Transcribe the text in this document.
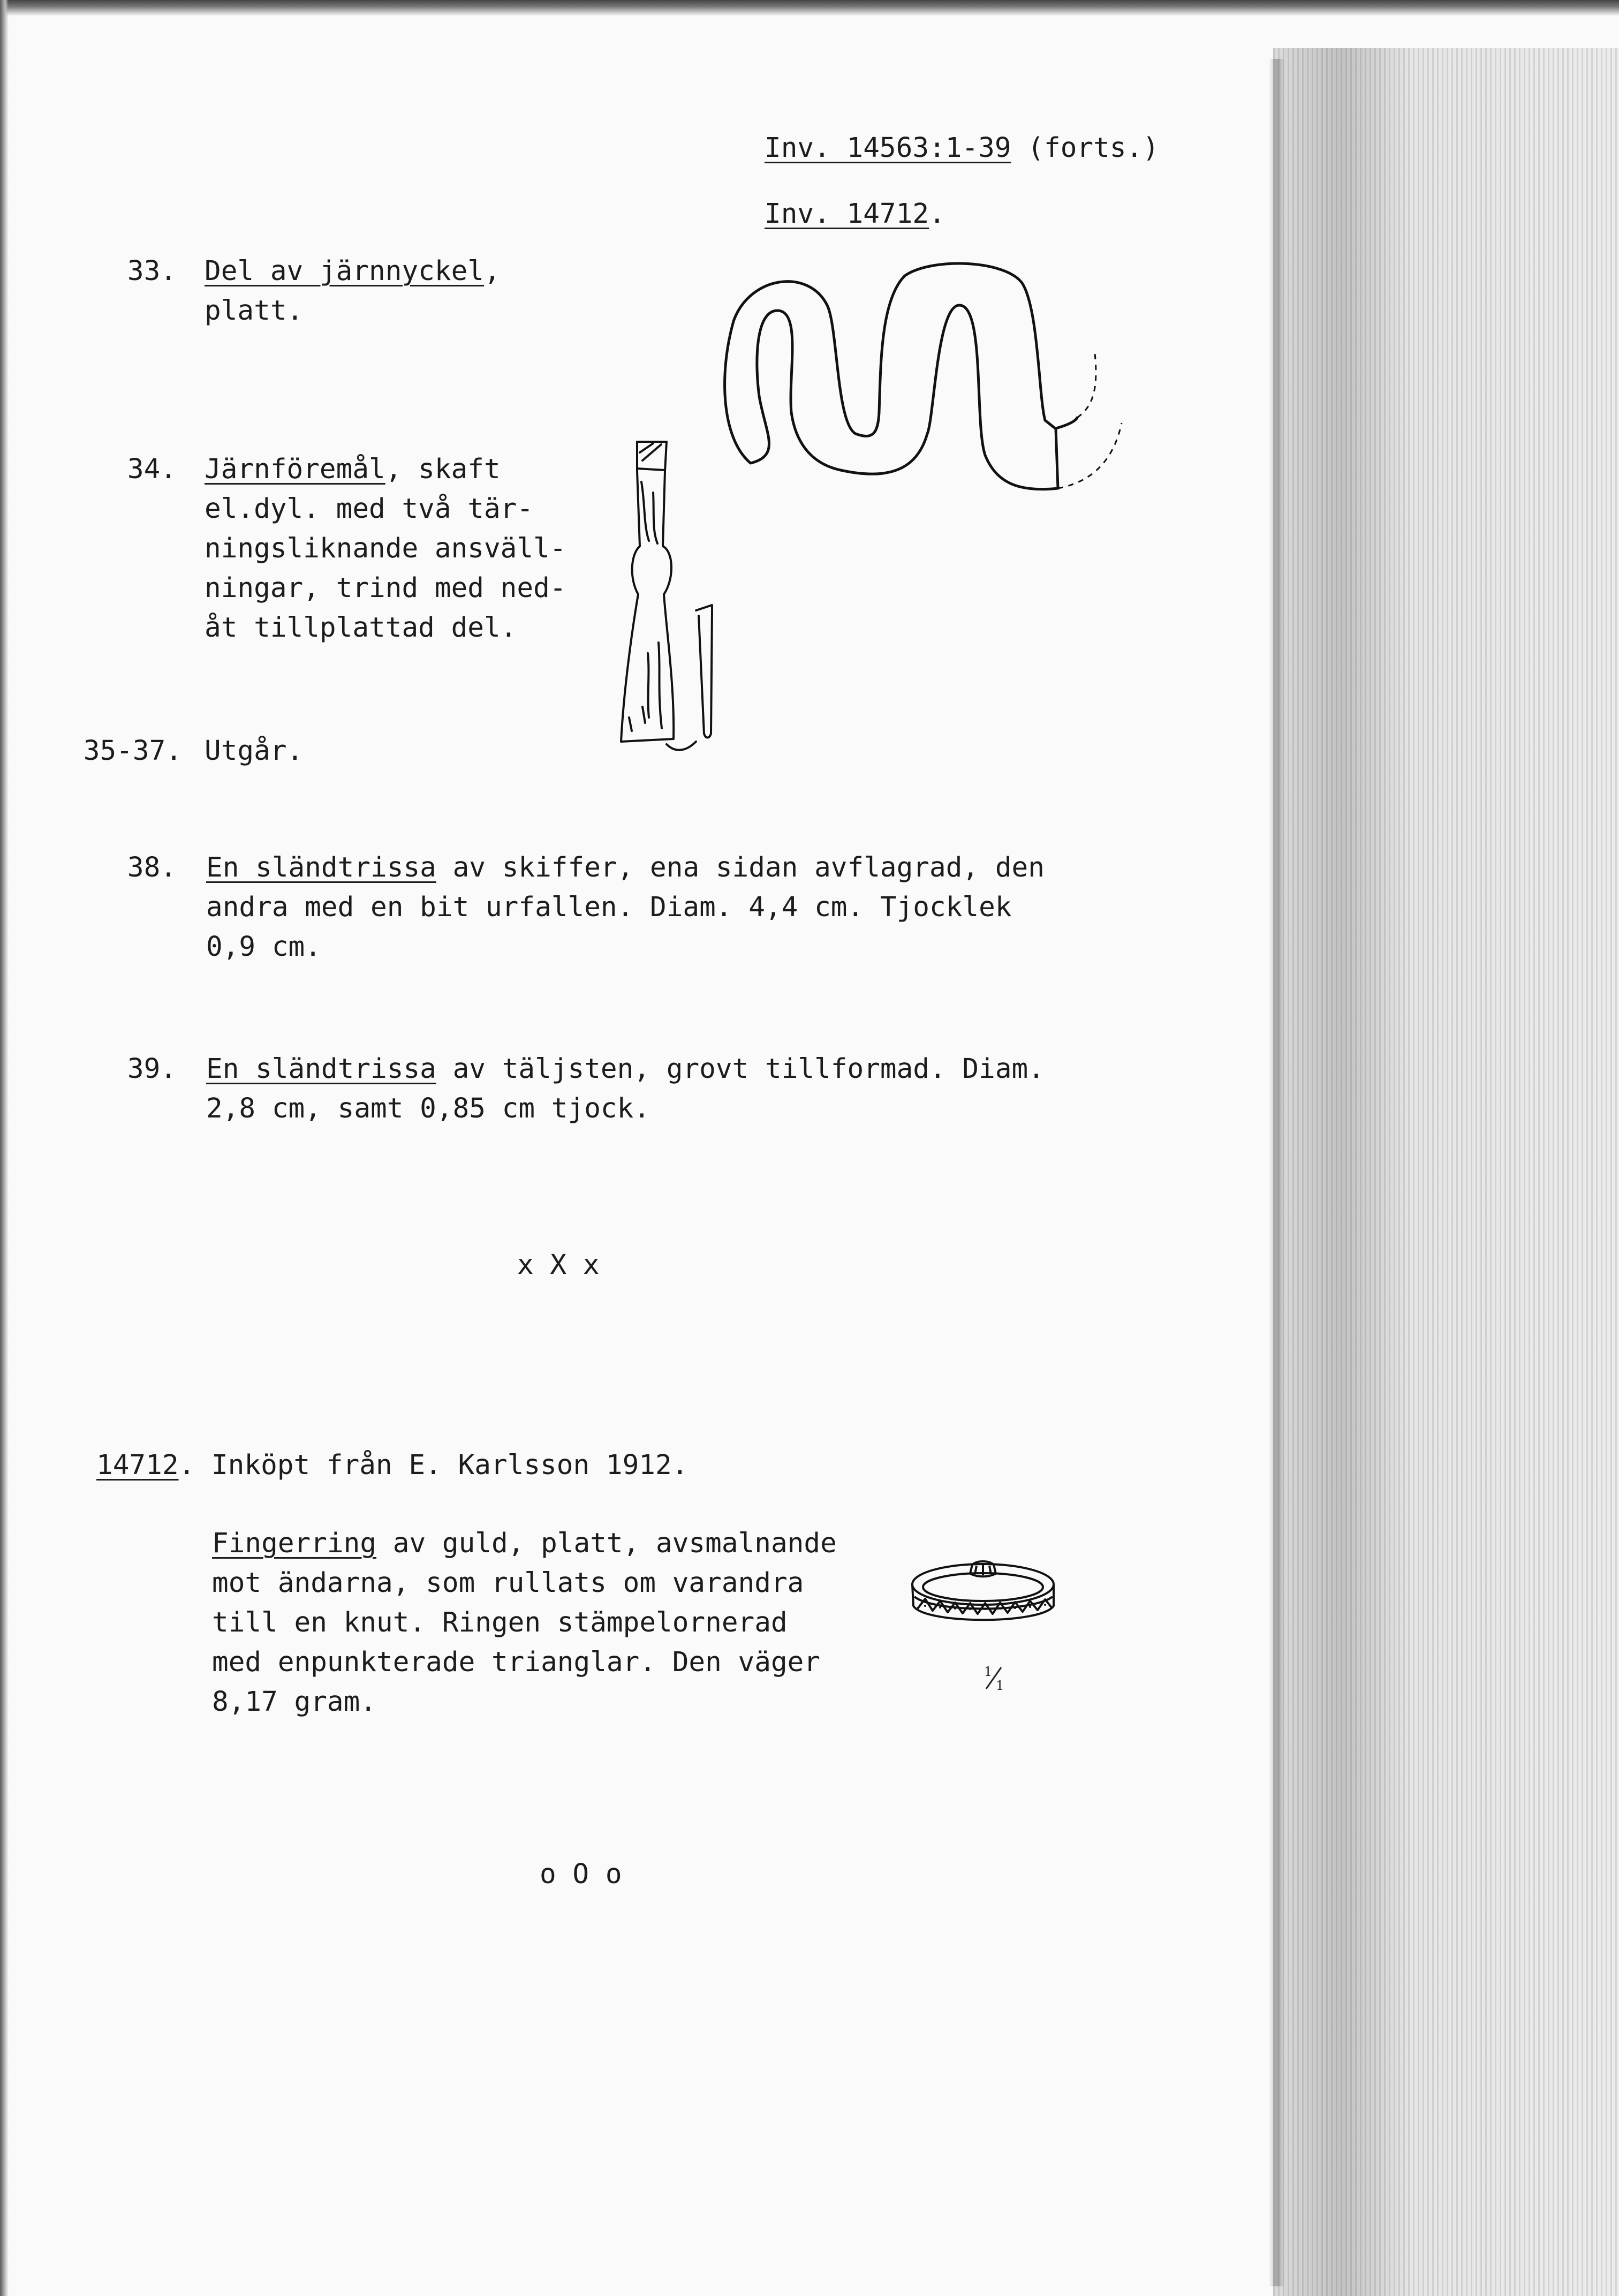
Inv. 14563:1-39 (forts.)
Inv. 14712.
33. Del av järnnyckel,
platt.
34. Järnföremål, skaft
el.dyl. med två tär-
ningsliknande ansväll-
ningar, trind med ned-
åt tillplattad del.
35-37. Utgår.
38. En sländtrissa av skiffer, ena sidan avflagrad, den
andra med en bit urfallen. Diam. 4,4 cm. Tjocklek
0,9 cm.
39. En sländtrissa av täljsten, grovt tillformad. Diam.
2,8 cm, samt 0,85 cm tjock.
x X x
14712. Inköpt från E. Karlsson 1912.
Fingerring av guld, platt, avsmalnande
mot ändarna, som rullats om varandra
till en knut. Ringen stämpelornerad
med enpunkterade trianglar. Den väger
8,17 gram.
o O o
1
1
